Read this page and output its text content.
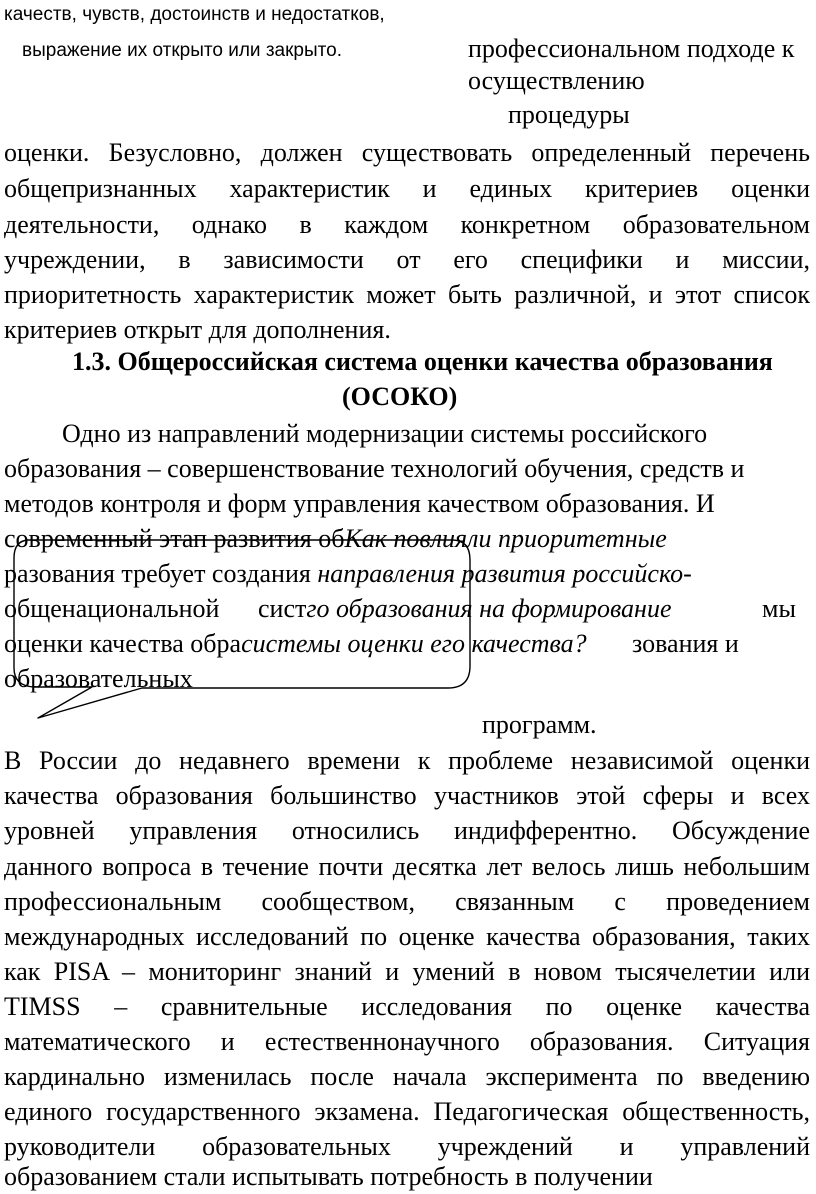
качеств, чувств, достоинств и недостатков,
выражение их открыто или закрыто.	профессиональном подходе к
осуществлению
процедуры
оценки. Безусловно, должен существовать определенный перечень
общепризнанных характеристик и единых критериев оценки
деятельности, однако в каждом конкретном образовательном
учреждении, в зависимости от его специфики и миссии,
приоритетность характеристик может быть различной, и этот список
критериев открыт для дополнения.
1.3. Общероссийская система оценки качества образования
(ОСОКО)
Одно из направлений модернизации системы российского
образования – совершенствование технологий обучения, средств и
методов контроля и форм управления качеством образования. И
современный этап развития обКак повлияли приоритетные
разования требует создания направления развития российско-
общенациональной систго образования на формирование	мы
оценки качества обрасистемы оценки его качества? зования и
образовательных
программ.
В России до недавнего времени к проблеме независимой оценки
качества образования большинство участников этой сферы и всех
уровней управления относились индифферентно. Обсуждение
данного вопроса в течение почти десятка лет велось лишь небольшим
профессиональным сообществом, связанным с проведением
международных исследований по оценке качества образования, таких
как PISA – мониторинг знаний и умений в новом тысячелетии или
TIMSS – сравнительные исследования по оценке качества
математического и естественнонаучного образования. Ситуация
кардинально изменилась после начала эксперимента по введению
единого государственного экзамена. Педагогическая общественность,
руководители образовательных учреждений и управлений
образованием стали испытывать потребность в получении
